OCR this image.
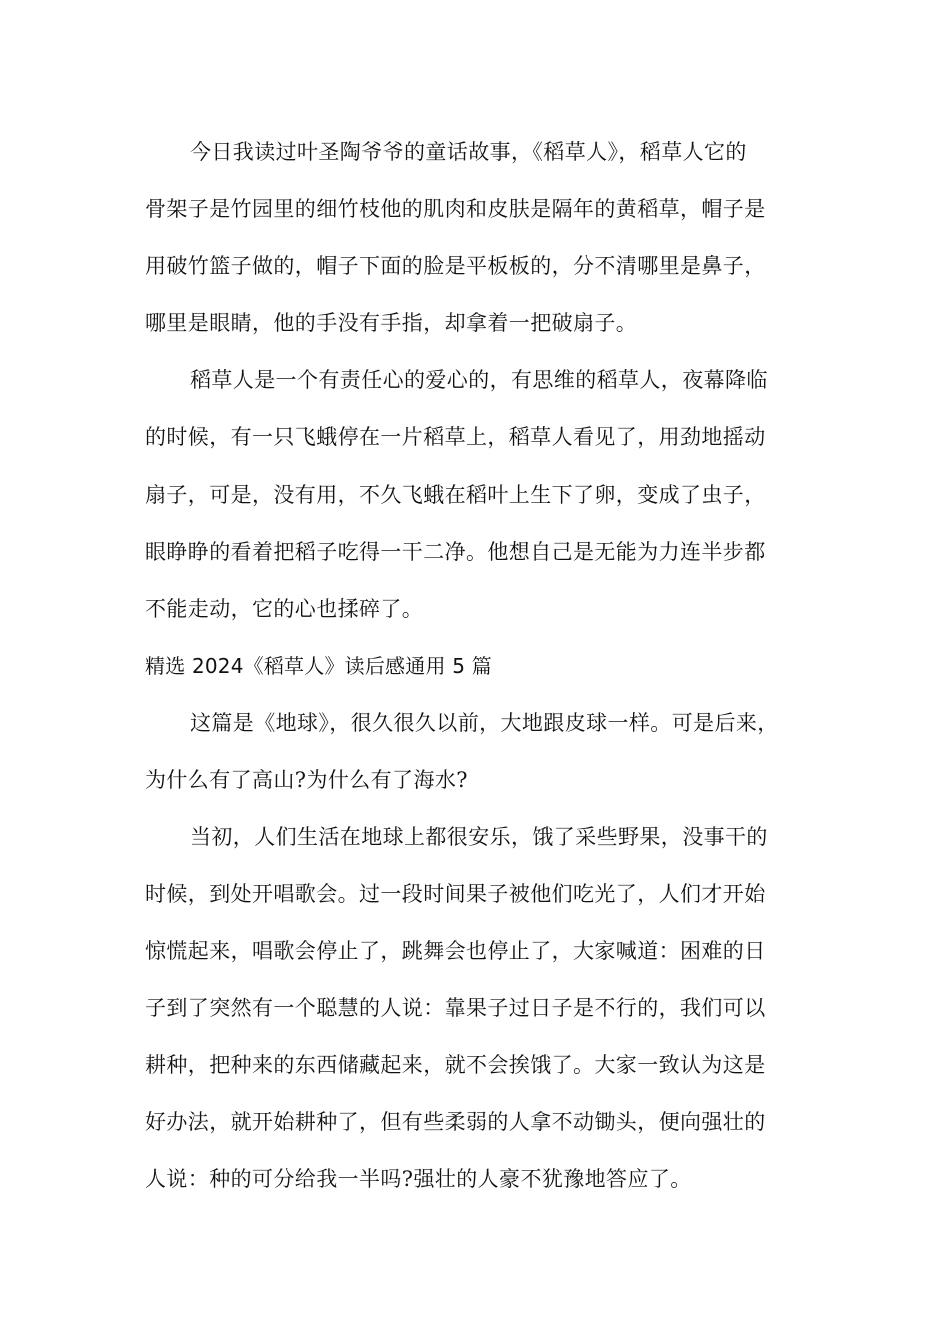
今日我读过叶圣陶爷爷的童话故事，《稻草人》，稻草人它的
骨架子是竹园里的细竹枝他的肌肉和皮肤是隔年的黄稻草，帽子是
用破竹篮子做的，帽子下面的脸是平板板的，分不清哪里是鼻子，
哪里是眼睛，他的手没有手指，却拿着一把破扇子。
稻草人是一个有责任心的爱心的，有思维的稻草人，夜幕降临
的时候，有一只飞蛾停在一片稻草上，稻草人看见了，用劲地摇动
扇子，可是，没有用，不久飞蛾在稻叶上生下了卵，变成了虫子，
眼睁睁的看着把稻子吃得一干二净。他想自己是无能为力连半步都
不能走动，它的心也揉碎了。
精选 2024《稻草人》读后感通用 5 篇
这篇是《地球》，很久很久以前，大地跟皮球一样。可是后来，
为什么有了高山?为什么有了海水?
当初，人们生活在地球上都很安乐，饿了采些野果，没事干的
时候，到处开唱歌会。过一段时间果子被他们吃光了，人们才开始
惊慌起来，唱歌会停止了，跳舞会也停止了，大家喊道：困难的日
子到了突然有一个聪慧的人说：靠果子过日子是不行的，我们可以
耕种，把种来的东西储藏起来，就不会挨饿了。大家一致认为这是
好办法，就开始耕种了，但有些柔弱的人拿不动锄头，便向强壮的
人说：种的可分给我一半吗?强壮的人豪不犹豫地答应了。
